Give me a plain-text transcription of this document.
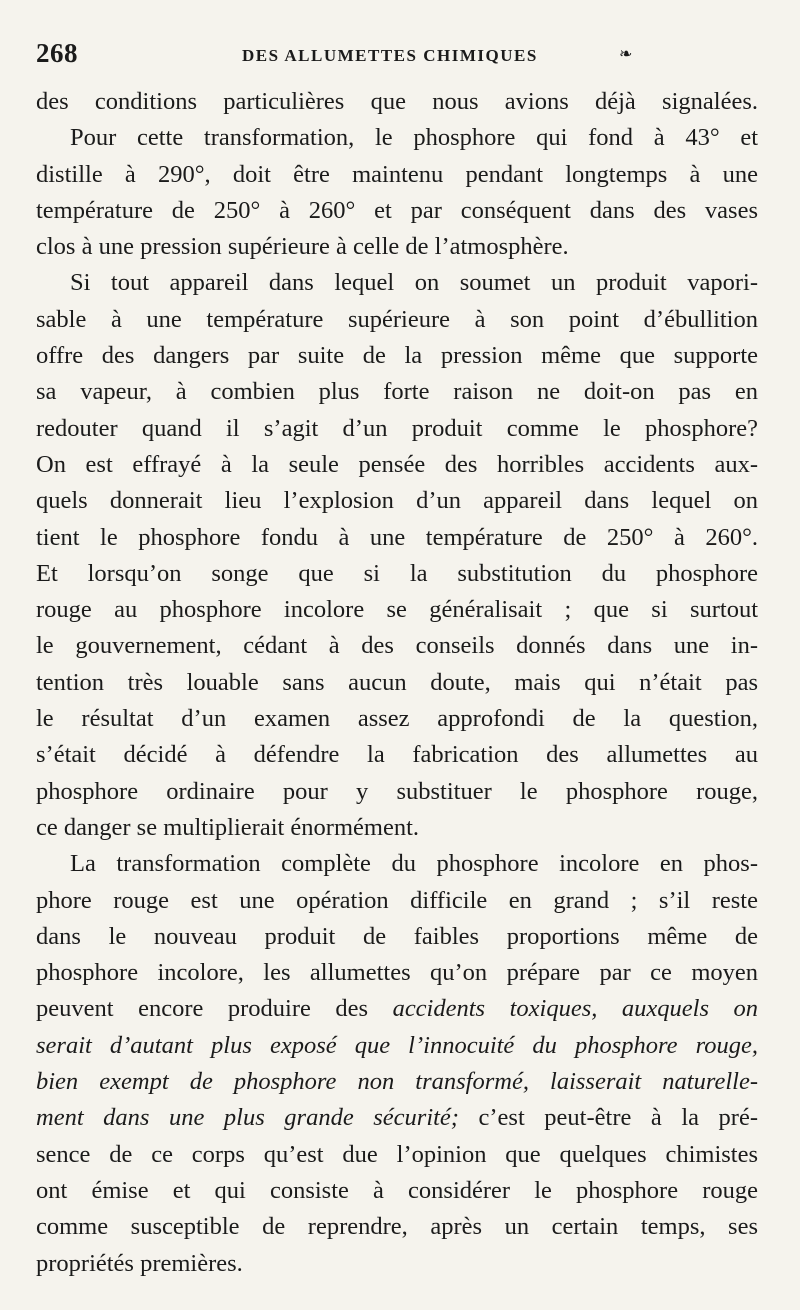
268	DES ALLUMETTES CHIMIQUES	❧
des conditions particulières que nous avions déjà signalées.
Pour cette transformation, le phosphore qui fond à 43° et
distille à 290°, doit être maintenu pendant longtemps à une
température de 250° à 260° et par conséquent dans des vases
clos à une pression supérieure à celle de l’atmosphère.
Si tout appareil dans lequel on soumet un produit vapori-
sable à une température supérieure à son point d’ébullition
offre des dangers par suite de la pression même que supporte
sa vapeur, à combien plus forte raison ne doit-on pas en
redouter quand il s’agit d’un produit comme le phosphore?
On est effrayé à la seule pensée des horribles accidents aux-
quels donnerait lieu l’explosion d’un appareil dans lequel on
tient le phosphore fondu à une température de 250° à 260°.
Et lorsqu’on songe que si la substitution du phosphore
rouge au phosphore incolore se généralisait ; que si surtout
le gouvernement, cédant à des conseils donnés dans une in-
tention très louable sans aucun doute, mais qui n’était pas
le résultat d’un examen assez approfondi de la question,
s’était décidé à défendre la fabrication des allumettes au
phosphore ordinaire pour y substituer le phosphore rouge,
ce danger se multiplierait énormément.
La transformation complète du phosphore incolore en phos-
phore rouge est une opération difficile en grand ; s’il reste
dans le nouveau produit de faibles proportions même de
phosphore incolore, les allumettes qu’on prépare par ce moyen
peuvent encore produire des accidents toxiques, auxquels on
serait d’autant plus exposé que l’innocuité du phosphore rouge,
bien exempt de phosphore non transformé, laisserait naturelle-
ment dans une plus grande sécurité; c’est peut-être à la pré-
sence de ce corps qu’est due l’opinion que quelques chimistes
ont émise et qui consiste à considérer le phosphore rouge
comme susceptible de reprendre, après un certain temps, ses
propriétés premières.
